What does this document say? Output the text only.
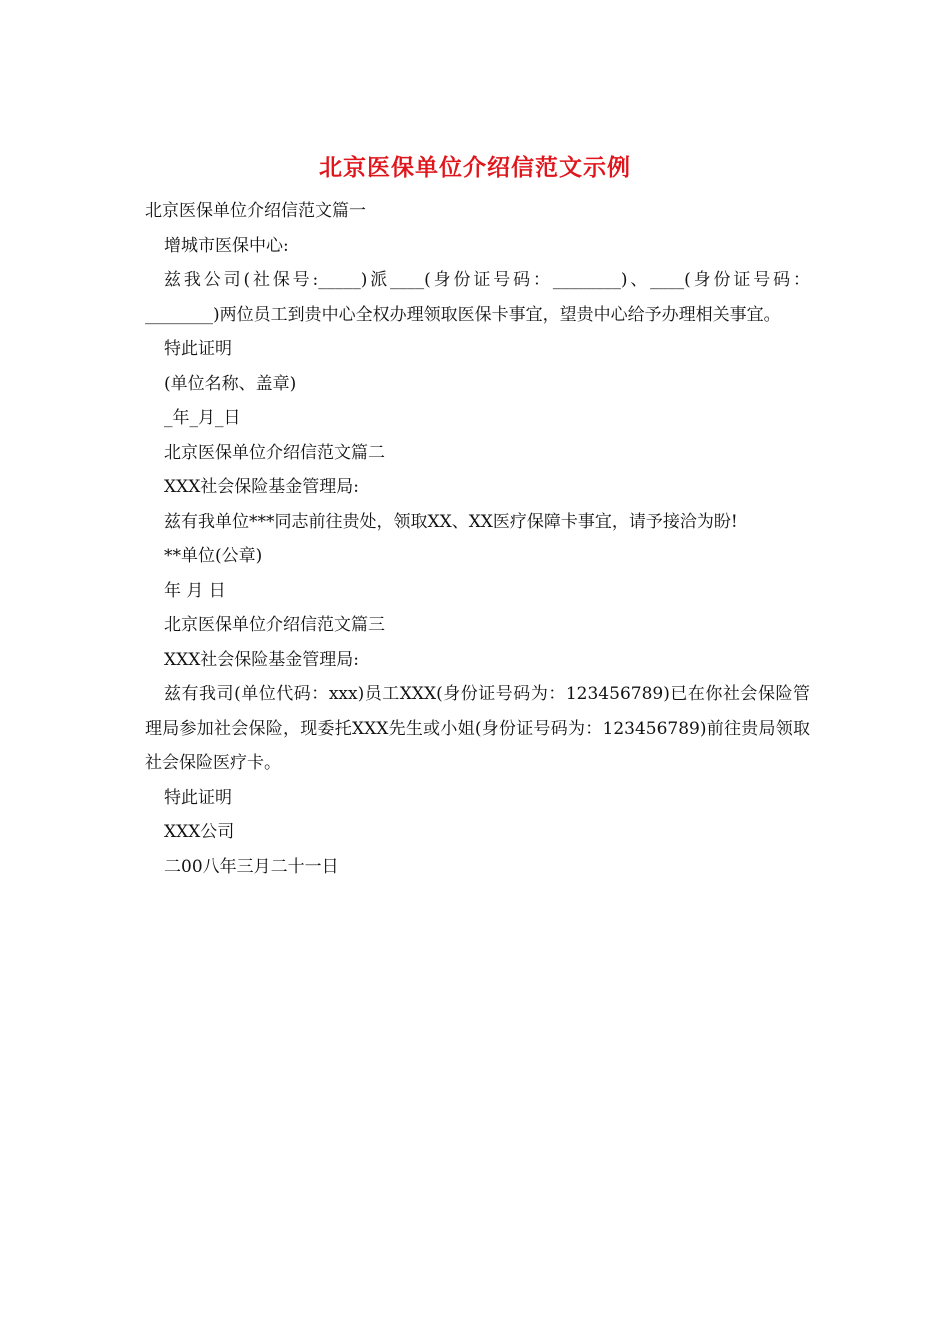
北京医保单位介绍信范文示例

北京医保单位介绍信范文篇一

增城市医保中心:

兹我公司(社保号:_____)派____(身份证号码：________)、____(身份证号码：________)两位员工到贵中心全权办理领取医保卡事宜，望贵中心给予办理相关事宜。

特此证明

(单位名称、盖章)

_年_月_日

北京医保单位介绍信范文篇二

XXX社会保险基金管理局:

兹有我单位***同志前往贵处，领取XX、XX医疗保障卡事宜，请予接洽为盼!

**单位(公章)

年 月 日

北京医保单位介绍信范文篇三

XXX社会保险基金管理局:

兹有我司(单位代码：xxx)员工XXX(身份证号码为：123456789)已在你社会保险管理局参加社会保险，现委托XXX先生或小姐(身份证号码为：123456789)前往贵局领取社会保险医疗卡。

特此证明

XXX公司

二00八年三月二十一日
